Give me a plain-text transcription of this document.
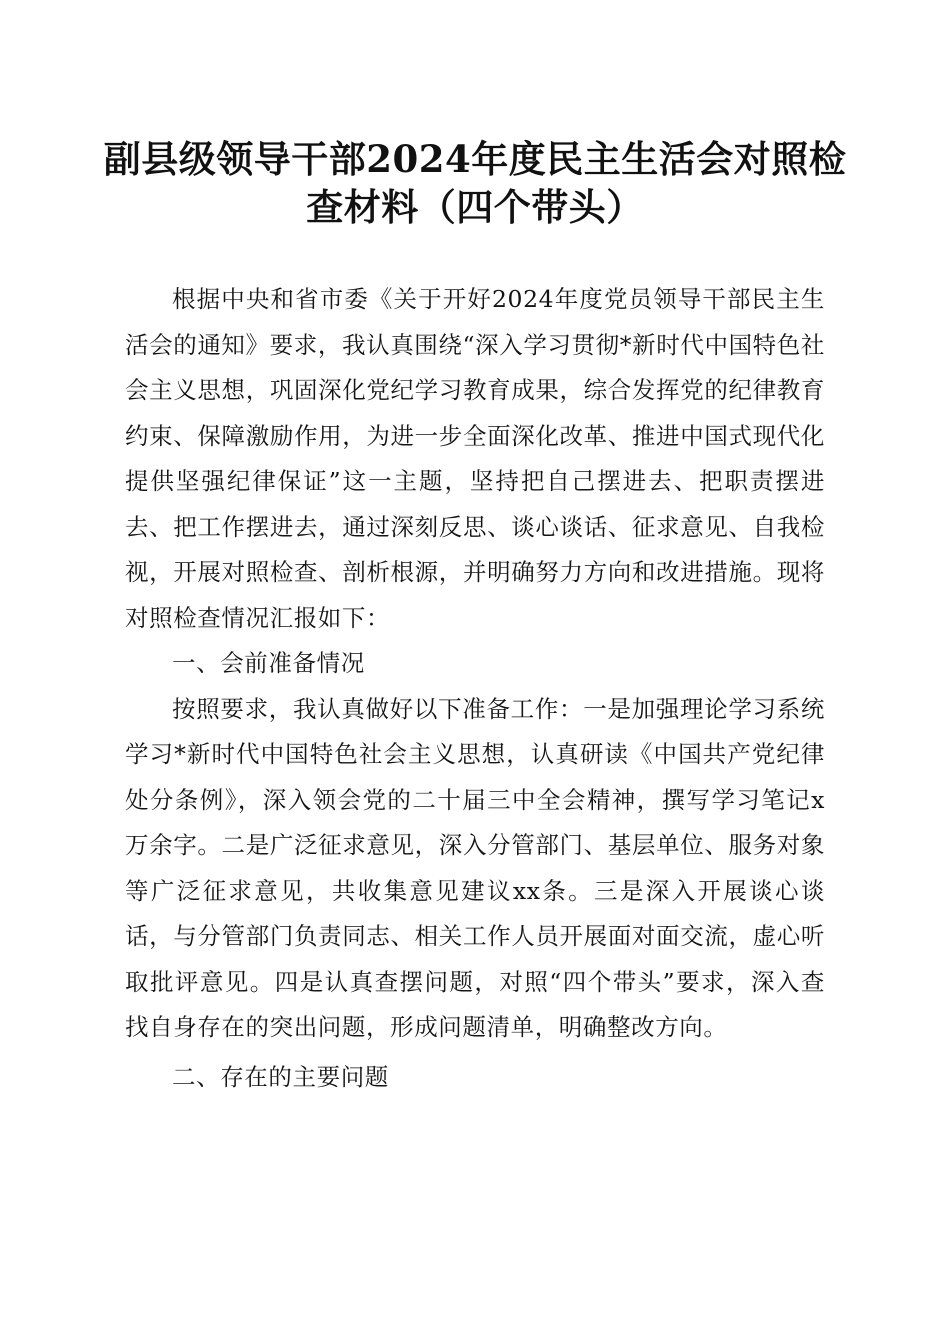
副县级领导干部2024年度民主生活会对照检
查材料（四个带头）

根据中央和省市委《关于开好2024年度党员领导干部民主生活会的通知》要求，我认真围绕“深入学习贯彻*新时代中国特色社会主义思想，巩固深化党纪学习教育成果，综合发挥党的纪律教育约束、保障激励作用，为进一步全面深化改革、推进中国式现代化提供坚强纪律保证”这一主题，坚持把自己摆进去、把职责摆进去、把工作摆进去，通过深刻反思、谈心谈话、征求意见、自我检视，开展对照检查、剖析根源，并明确努力方向和改进措施。现将对照检查情况汇报如下：

一、会前准备情况

按照要求，我认真做好以下准备工作：一是加强理论学习系统学习*新时代中国特色社会主义思想，认真研读《中国共产党纪律处分条例》，深入领会党的二十届三中全会精神，撰写学习笔记x万余字。二是广泛征求意见，深入分管部门、基层单位、服务对象等广泛征求意见，共收集意见建议xx条。三是深入开展谈心谈话，与分管部门负责同志、相关工作人员开展面对面交流，虚心听取批评意见。四是认真查摆问题，对照“四个带头”要求，深入查找自身存在的突出问题，形成问题清单，明确整改方向。

二、存在的主要问题
